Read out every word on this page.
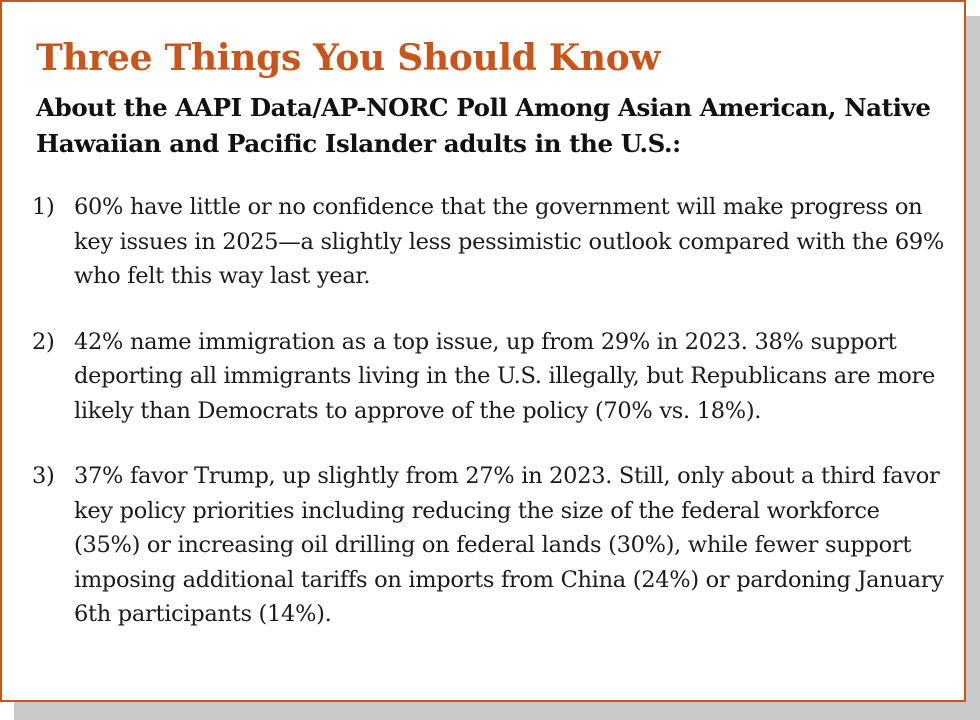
Three Things You Should Know
About the AAPI Data/AP-NORC Poll Among Asian American, Native Hawaiian and Pacific Islander adults in the U.S.:
1) 60% have little or no confidence that the government will make progress on key issues in 2025—a slightly less pessimistic outlook compared with the 69% who felt this way last year.
2) 42% name immigration as a top issue, up from 29% in 2023. 38% support deporting all immigrants living in the U.S. illegally, but Republicans are more likely than Democrats to approve of the policy (70% vs. 18%).
3) 37% favor Trump, up slightly from 27% in 2023. Still, only about a third favor key policy priorities including reducing the size of the federal workforce (35%) or increasing oil drilling on federal lands (30%), while fewer support imposing additional tariffs on imports from China (24%) or pardoning January 6th participants (14%).
